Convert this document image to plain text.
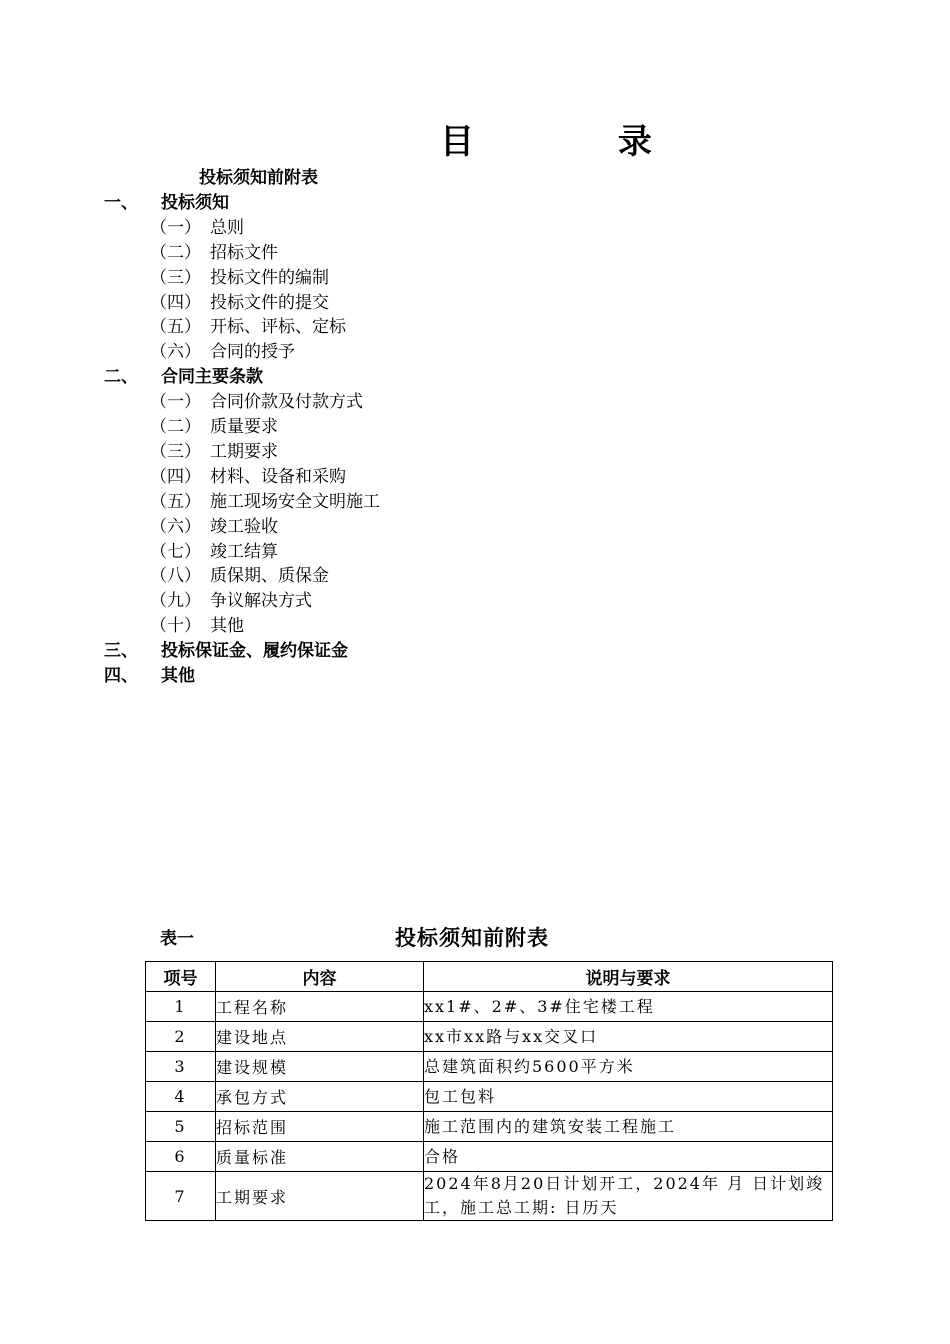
目 录
投标须知前附表
一、 投标须知
（一） 总则
（二） 招标文件
（三） 投标文件的编制
（四） 投标文件的提交
（五） 开标、评标、定标
（六） 合同的授予
二、 合同主要条款
（一） 合同价款及付款方式
（二） 质量要求
（三） 工期要求
（四） 材料、设备和采购
（五） 施工现场安全文明施工
（六） 竣工验收
（七） 竣工结算
（八） 质保期、质保金
（九） 争议解决方式
（十） 其他
三、 投标保证金、履约保证金
四、 其他
表一	投标须知前附表
项号	内容	说明与要求
1	工程名称	xx1#、2#、3#住宅楼工程
2	建设地点	xx市xx路与xx交叉口
3	建设规模	总建筑面积约5600平方米
4	承包方式	包工包料
5	招标范围	施工范围内的建筑安装工程施工
6	质量标准	合格
7	工期要求	2024年8月20日计划开工，2024年 月 日计划竣工，施工总工期: 日历天
